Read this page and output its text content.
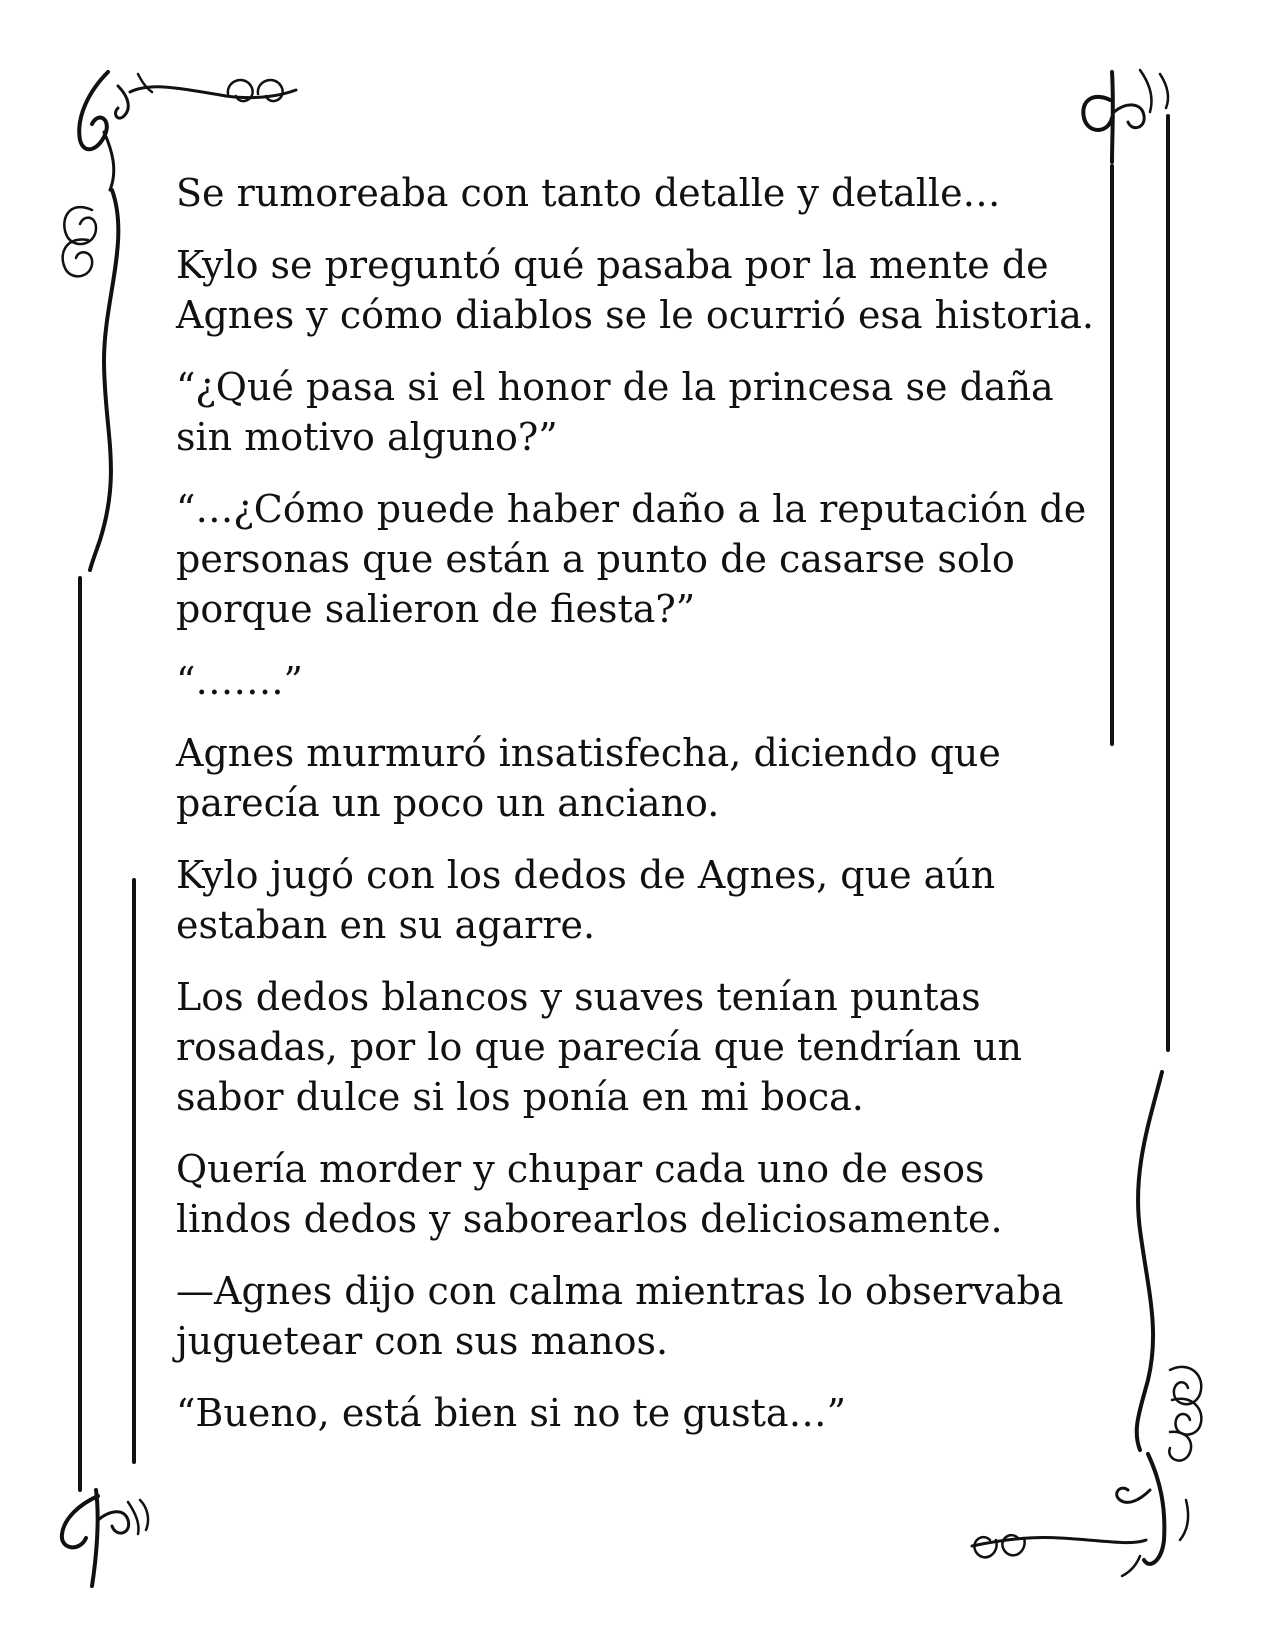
Se rumoreaba con tanto detalle y detalle…

Kylo se preguntó qué pasaba por la mente de
Agnes y cómo diablos se le ocurrió esa historia.

“¿Qué pasa si el honor de la princesa se daña
sin motivo alguno?”

“…¿Cómo puede haber daño a la reputación de
personas que están a punto de casarse solo
porque salieron de fiesta?”

“…….”

Agnes murmuró insatisfecha, diciendo que
parecía un poco un anciano.

Kylo jugó con los dedos de Agnes, que aún
estaban en su agarre.

Los dedos blancos y suaves tenían puntas
rosadas, por lo que parecía que tendrían un
sabor dulce si los ponía en mi boca.

Quería morder y chupar cada uno de esos
lindos dedos y saborearlos deliciosamente.

—Agnes dijo con calma mientras lo observaba
juguetear con sus manos.

“Bueno, está bien si no te gusta…”
